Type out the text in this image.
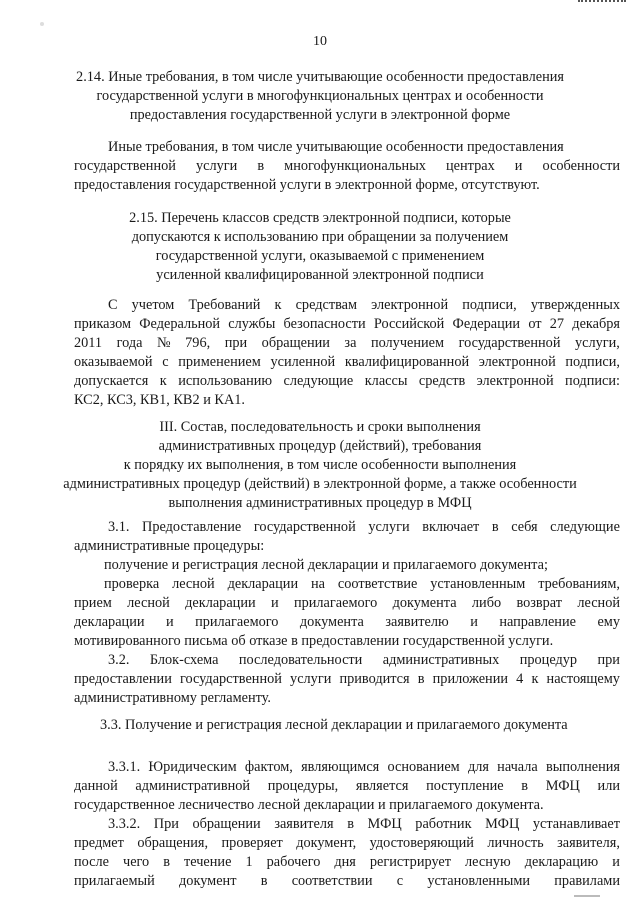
10
2.14. Иные требования, в том числе учитывающие особенности предоставления
государственной услуги в многофункциональных центрах и особенности
предоставления государственной услуги в электронной форме
Иные требования, в том числе учитывающие особенности предоставления
государственной услуги в многофункциональных центрах и особенности
предоставления государственной услуги в электронной форме, отсутствуют.
2.15. Перечень классов средств электронной подписи, которые
допускаются к использованию при обращении за получением
государственной услуги, оказываемой с применением
усиленной квалифицированной электронной подписи
С учетом Требований к средствам электронной подписи, утвержденных
приказом Федеральной службы безопасности Российской Федерации от 27 декабря
2011 года № 796, при обращении за получением государственной услуги,
оказываемой с применением усиленной квалифицированной электронной подписи,
допускается к использованию следующие классы средств электронной подписи:
КС2, КС3, КВ1, КВ2 и КА1.
III. Состав, последовательность и сроки выполнения
административных процедур (действий), требования
к порядку их выполнения, в том числе особенности выполнения
административных процедур (действий) в электронной форме, а также особенности
выполнения административных процедур в МФЦ
3.1. Предоставление государственной услуги включает в себя следующие
административные процедуры:
получение и регистрация лесной декларации и прилагаемого документа;
проверка лесной декларации на соответствие установленным требованиям,
прием лесной декларации и прилагаемого документа либо возврат лесной
декларации и прилагаемого документа заявителю и направление ему
мотивированного письма об отказе в предоставлении государственной услуги.
3.2. Блок-схема последовательности административных процедур при
предоставлении государственной услуги приводится в приложении 4 к настоящему
административному регламенту.
3.3. Получение и регистрация лесной декларации и прилагаемого документа
3.3.1. Юридическим фактом, являющимся основанием для начала выполнения
данной административной процедуры, является поступление в МФЦ или
государственное лесничество лесной декларации и прилагаемого документа.
3.3.2. При обращении заявителя в МФЦ работник МФЦ устанавливает
предмет обращения, проверяет документ, удостоверяющий личность заявителя,
после чего в течение 1 рабочего дня регистрирует лесную декларацию и
прилагаемый документ в соответствии с установленными правилами
